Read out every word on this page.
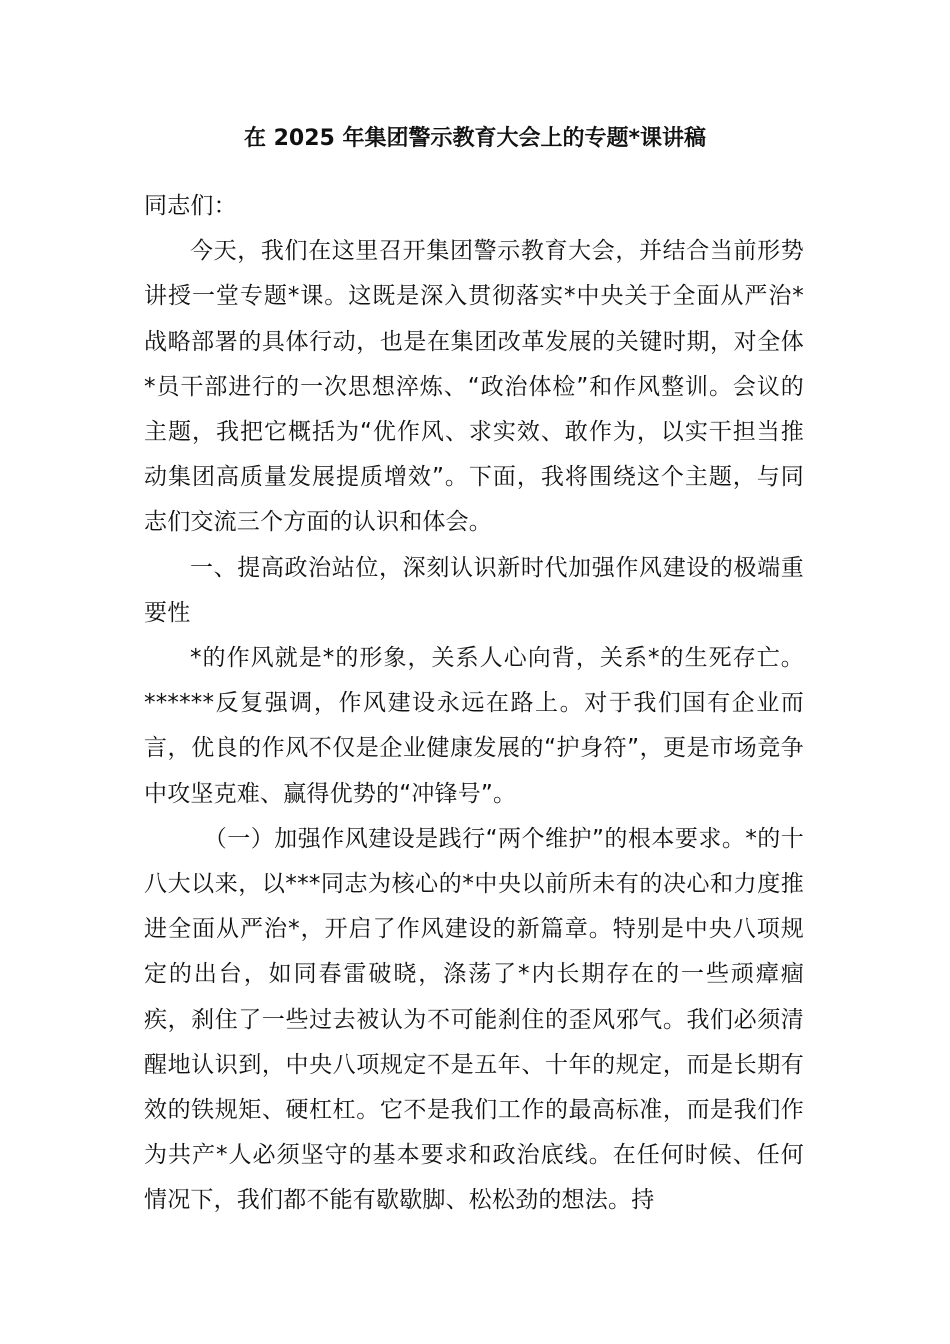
在 2025 年集团警示教育大会上的专题*课讲稿

同志们：

今天，我们在这里召开集团警示教育大会，并结合当前形势讲授一堂专题*课。这既是深入贯彻落实*中央关于全面从严治*战略部署的具体行动，也是在集团改革发展的关键时期，对全体*员干部进行的一次思想淬炼、“政治体检”和作风整训。会议的主题，我把它概括为“优作风、求实效、敢作为，以实干担当推动集团高质量发展提质增效”。下面，我将围绕这个主题，与同志们交流三个方面的认识和体会。

一、提高政治站位，深刻认识新时代加强作风建设的极端重要性

*的作风就是*的形象，关系人心向背，关系*的生死存亡。******反复强调，作风建设永远在路上。对于我们国有企业而言，优良的作风不仅是企业健康发展的“护身符”，更是市场竞争中攻坚克难、赢得优势的“冲锋号”。

（一）加强作风建设是践行“两个维护”的根本要求。*的十八大以来，以***同志为核心的*中央以前所未有的决心和力度推进全面从严治*，开启了作风建设的新篇章。特别是中央八项规定的出台，如同春雷破晓，涤荡了*内长期存在的一些顽瘴痼疾，刹住了一些过去被认为不可能刹住的歪风邪气。我们必须清醒地认识到，中央八项规定不是五年、十年的规定，而是长期有效的铁规矩、硬杠杠。它不是我们工作的最高标准，而是我们作为共产*人必须坚守的基本要求和政治底线。在任何时候、任何情况下，我们都不能有歇歇脚、松松劲的想法。持
